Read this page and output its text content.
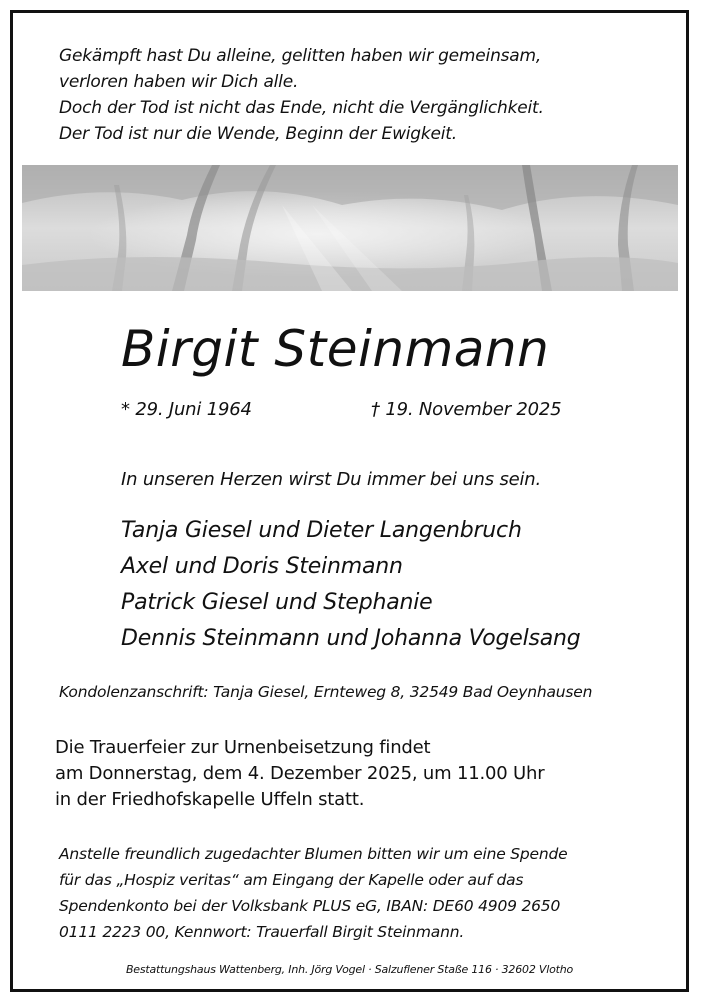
Gekämpft hast Du alleine, gelitten haben wir gemeinsam,
verloren haben wir Dich alle.
Doch der Tod ist nicht das Ende, nicht die Vergänglichkeit.
Der Tod ist nur die Wende, Beginn der Ewigkeit.
Birgit Steinmann
* 29. Juni 1964	† 19. November 2025
In unseren Herzen wirst Du immer bei uns sein.
Tanja Giesel und Dieter Langenbruch
Axel und Doris Steinmann
Patrick Giesel und Stephanie
Dennis Steinmann und Johanna Vogelsang
Kondolenzanschrift: Tanja Giesel, Ernteweg 8, 32549 Bad Oeynhausen
Die Trauerfeier zur Urnenbeisetzung findet
am Donnerstag, dem 4. Dezember 2025, um 11.00 Uhr
in der Friedhofskapelle Uffeln statt.
Anstelle freundlich zugedachter Blumen bitten wir um eine Spende
für das „Hospiz veritas“ am Eingang der Kapelle oder auf das
Spendenkonto bei der Volksbank PLUS eG, IBAN: DE60 4909 2650
0111 2223 00, Kennwort: Trauerfall Birgit Steinmann.
Bestattungshaus Wattenberg, Inh. Jörg Vogel · Salzuflener Staße 116 · 32602 Vlotho
